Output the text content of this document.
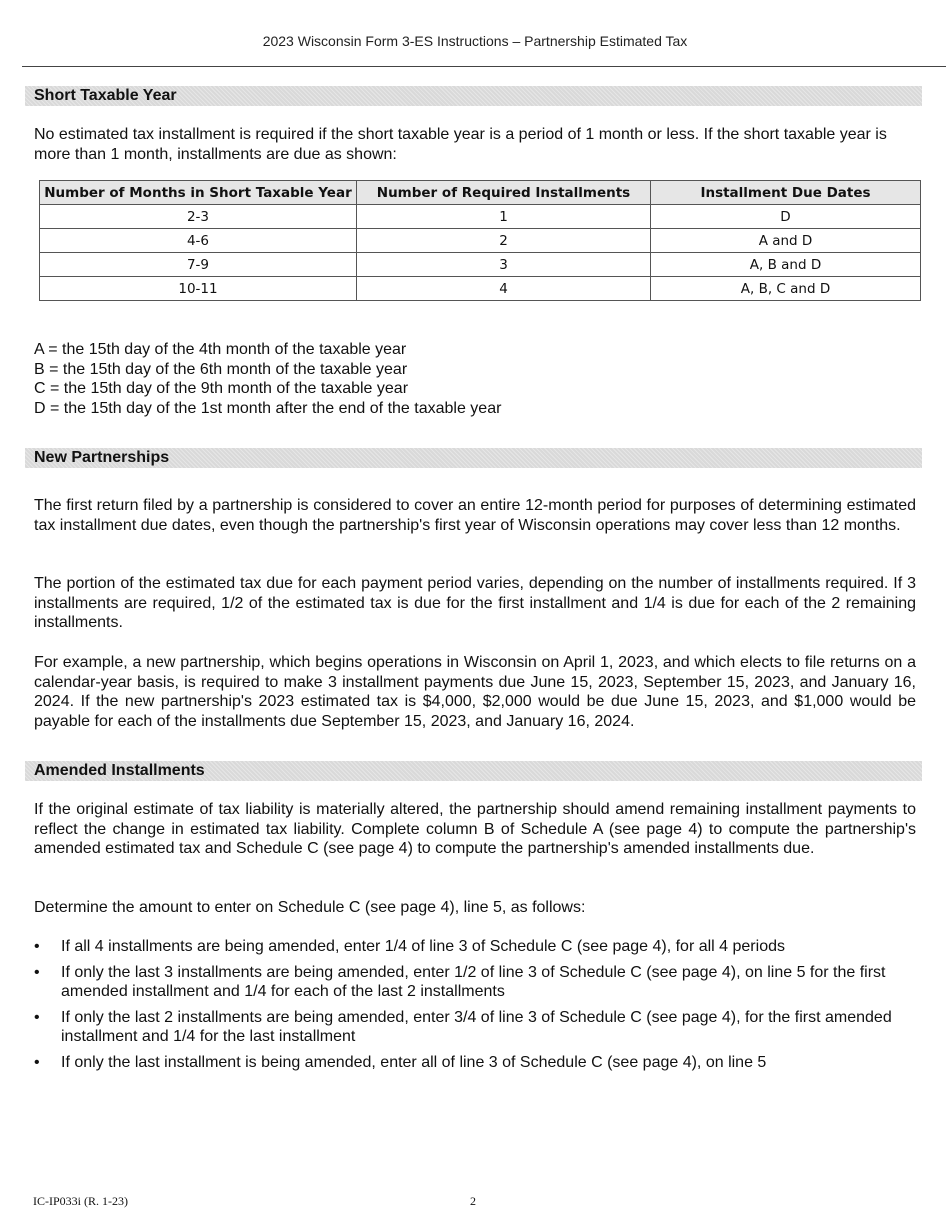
2023 Wisconsin Form 3-ES Instructions – Partnership Estimated Tax
Short Taxable Year

No estimated tax installment is required if the short taxable year is a period of 1 month or less. If the short taxable year is more than 1 month, installments are due as shown:

Number of Months in Short Taxable Year	Number of Required Installments	Installment Due Dates
2-3	1	D
4-6	2	A and D
7-9	3	A, B and D
10-11	4	A, B, C and D
A = the 15th day of the 4th month of the taxable year
B = the 15th day of the 6th month of the taxable year
C = the 15th day of the 9th month of the taxable year
D = the 15th day of the 1st month after the end of the taxable year
New Partnerships

The first return filed by a partnership is considered to cover an entire 12-month period for purposes of determining estimated tax installment due dates, even though the partnership's first year of Wisconsin operations may cover less than 12 months.

The portion of the estimated tax due for each payment period varies, depending on the number of installments required. If 3 installments are required, 1/2 of the estimated tax is due for the first installment and 1/4 is due for each of the 2 remaining installments.

For example, a new partnership, which begins operations in Wisconsin on April 1, 2023, and which elects to file returns on a calendar-year basis, is required to make 3 installment payments due June 15, 2023, September 15, 2023, and January 16, 2024. If the new partnership's 2023 estimated tax is $4,000, $2,000 would be due June 15, 2023, and $1,000 would be payable for each of the installments due September 15, 2023, and January 16, 2024.

Amended Installments

If the original estimate of tax liability is materially altered, the partnership should amend remaining installment payments to reflect the change in estimated tax liability. Complete column B of Schedule A (see page 4) to compute the partnership's amended estimated tax and Schedule C (see page 4) to compute the partnership's amended installments due.

Determine the amount to enter on Schedule C (see page 4), line 5, as follows:

• If all 4 installments are being amended, enter 1/4 of line 3 of Schedule C (see page 4), for all 4 periods
• If only the last 3 installments are being amended, enter 1/2 of line 3 of Schedule C (see page 4), on line 5 for the first amended installment and 1/4 for each of the last 2 installments
• If only the last 2 installments are being amended, enter 3/4 of line 3 of Schedule C (see page 4), for the first amended installment and 1/4 for the last installment
• If only the last installment is being amended, enter all of line 3 of Schedule C (see page 4), on line 5
IC-IP033i (R. 1-23)	2
